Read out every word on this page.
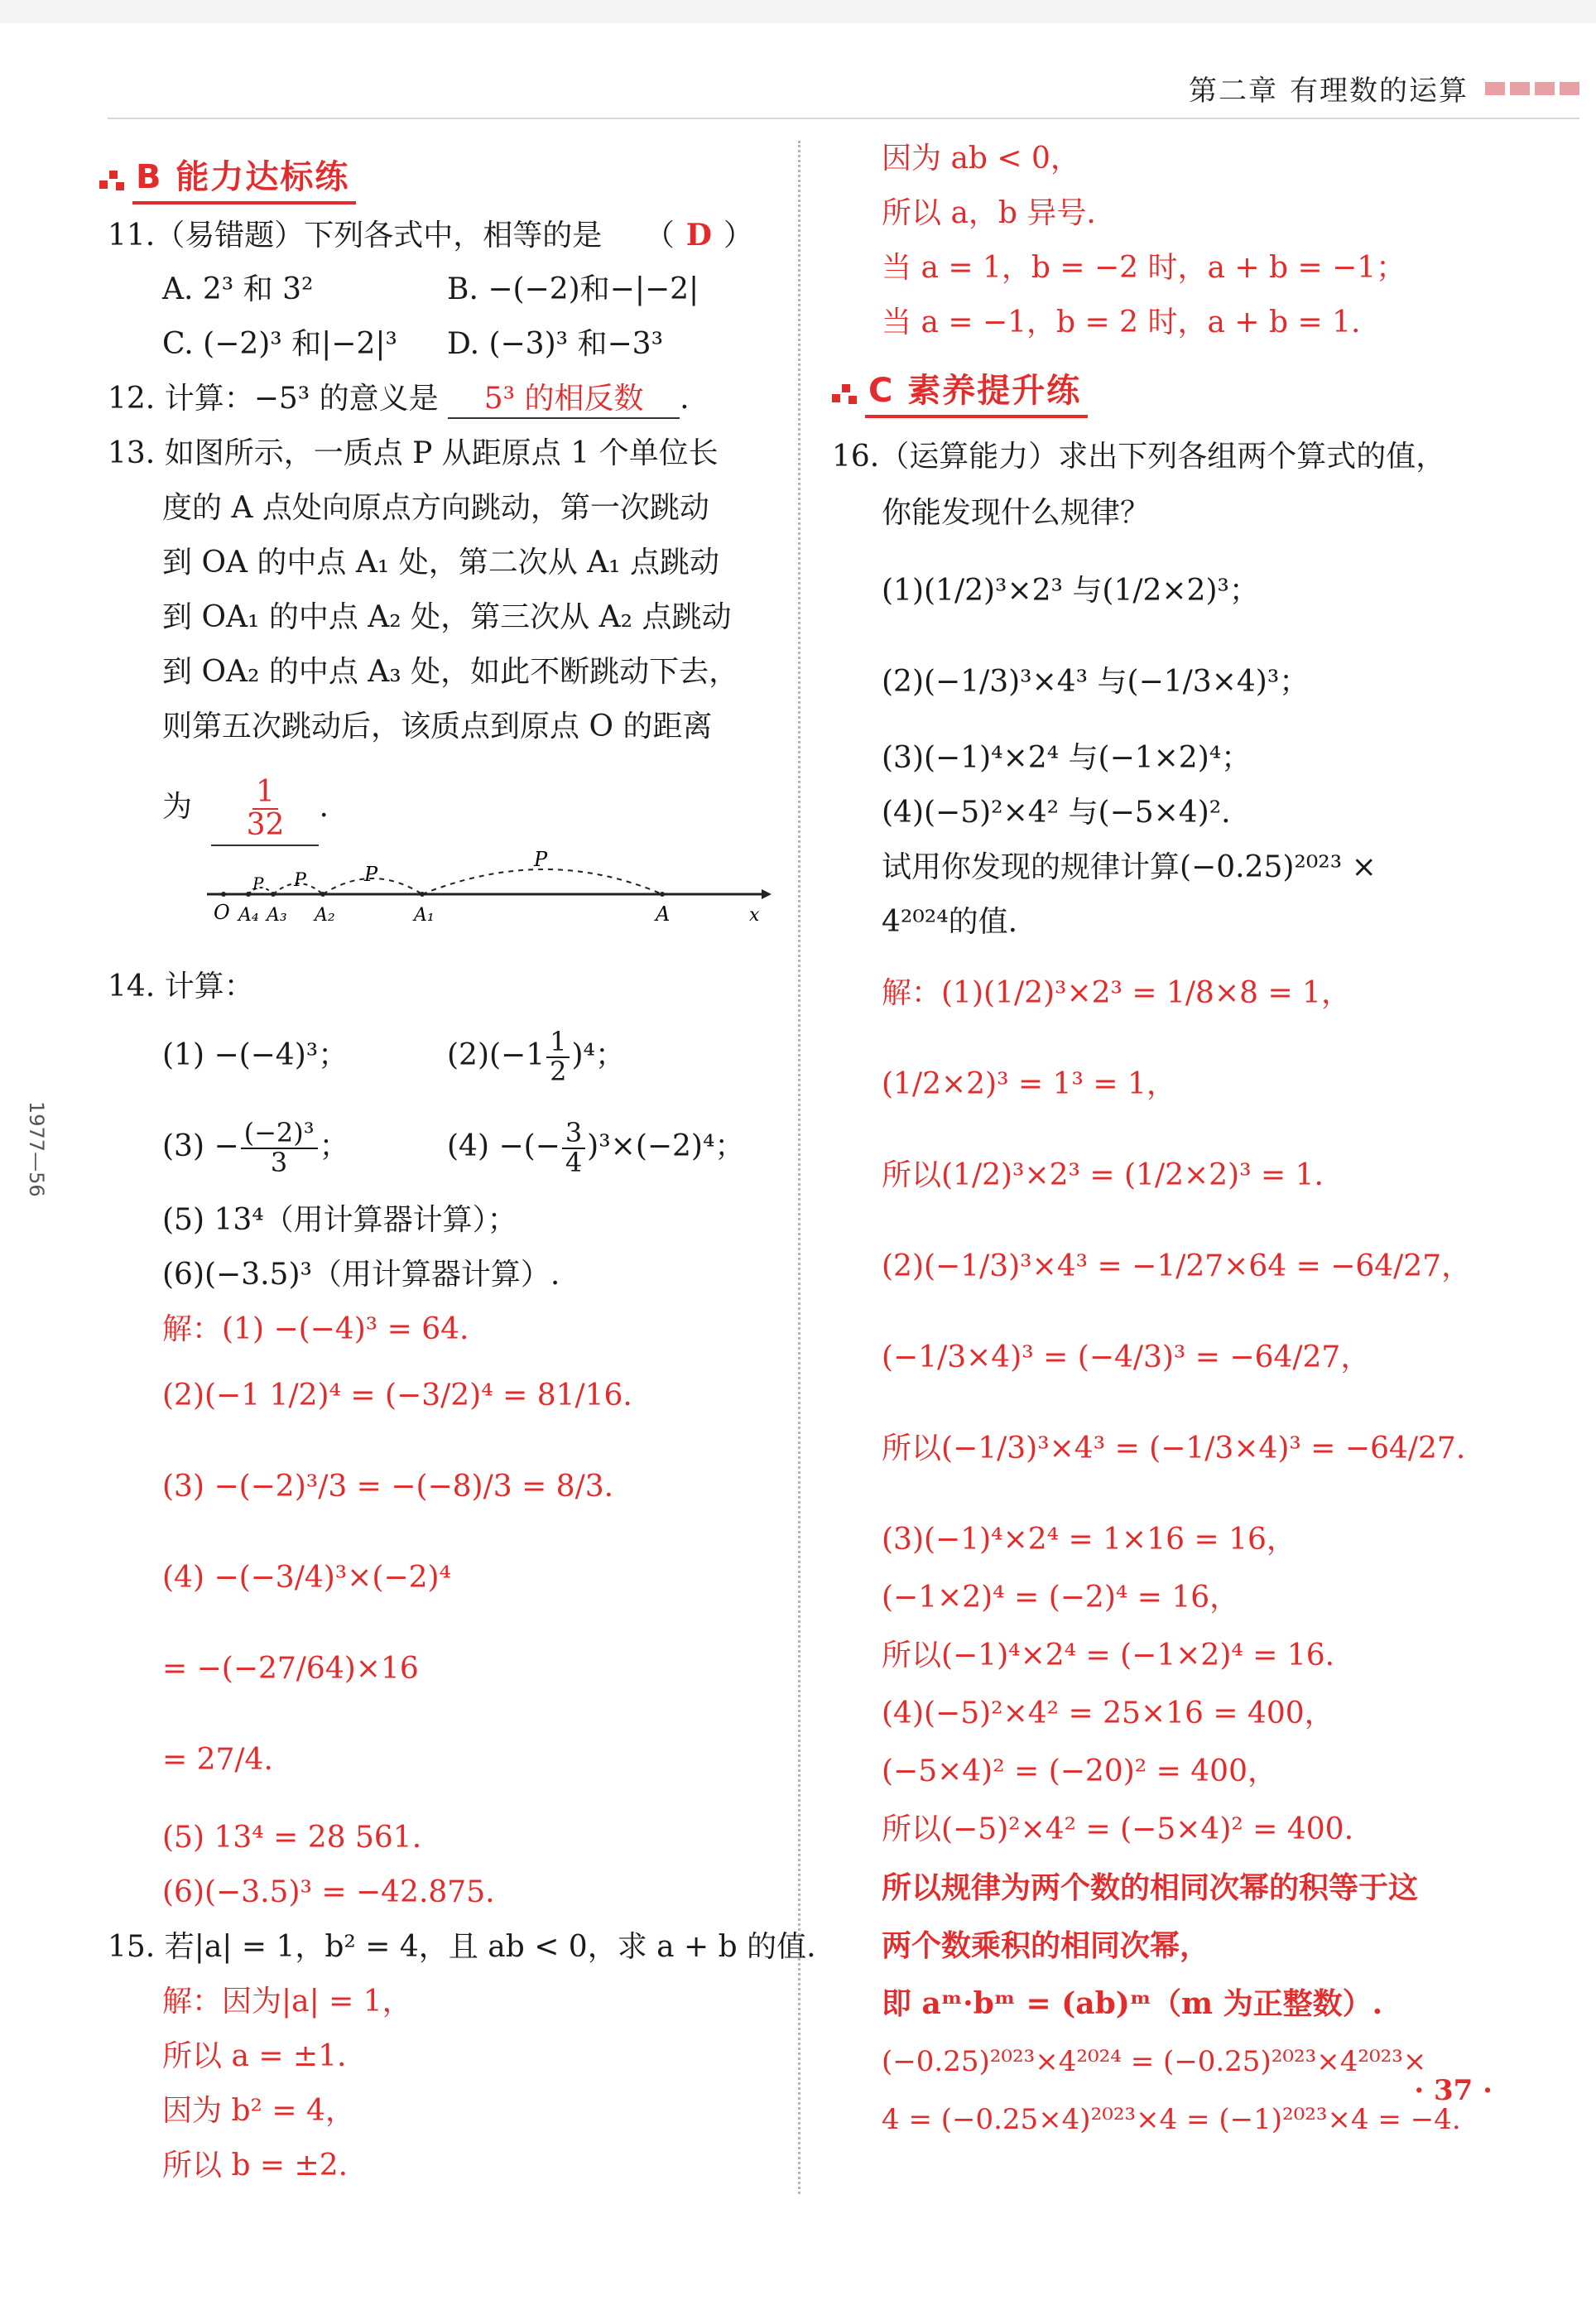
第二章 有理数的运算
1977—56
B 能力达标练
11.（易错题）下列各式中，相等的是 （ D ）
A. 2³ 和 3²	B. −(−2)和−|−2|
C. (−2)³ 和|−2|³ D. (−3)³ 和−3³
12. 计算：−5³ 的意义是 5³ 的相反数 .
13. 如图所示，一质点 P 从距原点 1 个单位长
度的 A 点处向原点方向跳动，第一次跳动
到 OA 的中点 A₁ 处，第二次从 A₁ 点跳动
到 OA₁ 的中点 A₂ 处，第三次从 A₂ 点跳动
到 OA₂ 的中点 A₃ 处，如此不断跳动下去，
则第五次跳动后，该质点到原点 O 的距离
为 $\frac{1}{32}$ .
O A₄ A₃ A₂	A₁	A	x
P
P
P
P
14. 计算：
(1) −(−4)³；	$(2)(-1 \frac{1}{2} )^4$；
$(3) - \frac{\text{(−2)³}}{3}$ ；	(4) −(− $\frac{3}{4} )^3\times(-2)^4$；
(5) 13⁴（用计算器计算）；
(6)(−3.5)³（用计算器计算）.
解：(1) −(−4)³ = 64.
(2)(−1 1/2)⁴ = (−3/2)⁴ = 81/16.
(3) −(−2)³/3 = −(−8)/3 = 8/3.
(4) −(−3/4)³×(−2)⁴
= −(−27/64)×16
= 27/4.
(5) 13⁴ = 28 561.
(6)(−3.5)³ = −42.875.
15. 若|a| = 1，b² = 4，且 ab < 0，求 a + b 的值.
解：因为|a| = 1，
所以 a = ±1.
因为 b² = 4，
所以 b = ±2.
因为 ab < 0，
所以 a，b 异号.
当 a = 1，b = −2 时，a + b = −1；
当 a = −1，b = 2 时，a + b = 1.
C 素养提升练
16.（运算能力）求出下列各组两个算式的值，
你能发现什么规律？
(1)(1/2)³×2³ 与(1/2×2)³；
(2)(−1/3)³×4³ 与(−1/3×4)³；
(3)(−1)⁴×2⁴ 与(−1×2)⁴；
(4)(−5)²×4² 与(−5×4)².
试用你发现的规律计算(−0.25)²⁰²³ ×
4²⁰²⁴的值.
解：(1)(1/2)³×2³ = 1/8×8 = 1，
(1/2×2)³ = 1³ = 1，
所以(1/2)³×2³ = (1/2×2)³ = 1.
(2)(−1/3)³×4³ = −1/27×64 = −64/27，
(−1/3×4)³ = (−4/3)³ = −64/27，
所以(−1/3)³×4³ = (−1/3×4)³ = −64/27.
(3)(−1)⁴×2⁴ = 1×16 = 16，
(−1×2)⁴ = (−2)⁴ = 16，
所以(−1)⁴×2⁴ = (−1×2)⁴ = 16.
(4)(−5)²×4² = 25×16 = 400，
(−5×4)² = (−20)² = 400，
所以(−5)²×4² = (−5×4)² = 400.
所以规律为两个数的相同次幂的积等于这
两个数乘积的相同次幂，
即 aᵐ·bᵐ = (ab)ᵐ（m 为正整数）.
(−0.25)²⁰²³×4²⁰²⁴ = (−0.25)²⁰²³×4²⁰²³×
4 = (−0.25×4)²⁰²³×4 = (−1)²⁰²³×4 = −4.
· 37 ·
